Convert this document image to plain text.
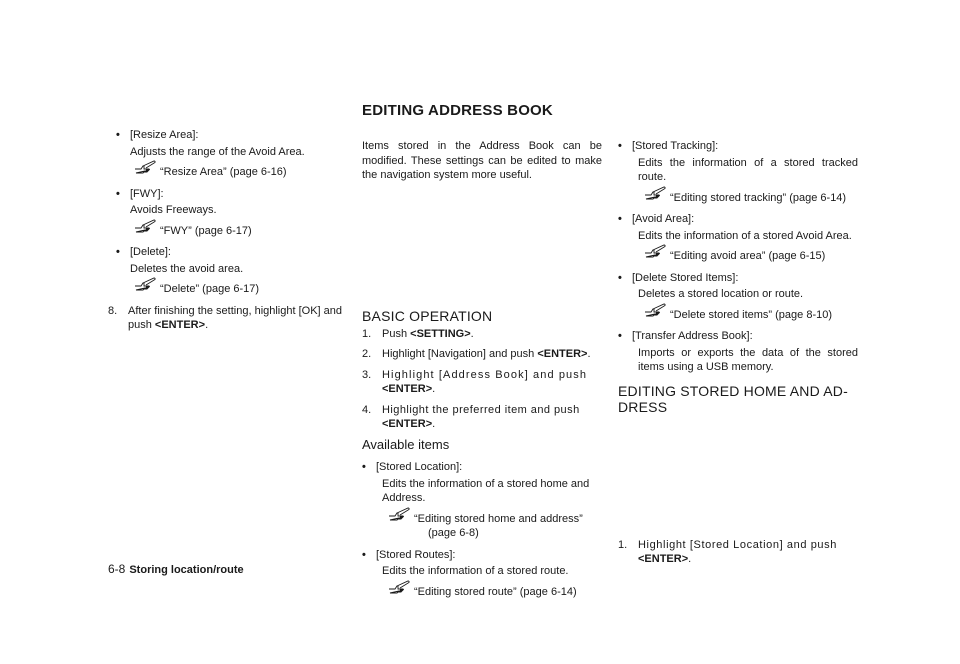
EDITING ADDRESS BOOK
• [Resize Area]:
Adjusts the range of the Avoid Area.
“Resize Area” (page 6-16)
• [FWY]:
Avoids Freeways.
“FWY” (page 6-17)
• [Delete]:
Deletes the avoid area.
“Delete” (page 6-17)
8. After finishing the setting, highlight [OK] and
push <ENTER>.
Items stored in the Address Book can be modified. These settings can be edited to make the navigation system more useful.
BASIC OPERATION
1. Push <SETTING>.
2. Highlight [Navigation] and push <ENTER>.
3. Highlight [Address Book] and push
<ENTER>.
4. Highlight the preferred item and push
<ENTER>.
Available items
• [Stored Location]:
Edits the information of a stored home and Address.
“Editing stored home and address”
(page 6-8)
• [Stored Routes]:
Edits the information of a stored route.
“Editing stored route” (page 6-14)
• [Stored Tracking]:
Edits the information of a stored tracked route.
“Editing stored tracking” (page 6-14)
• [Avoid Area]:
Edits the information of a stored Avoid Area.
“Editing avoid area” (page 6-15)
• [Delete Stored Items]:
Deletes a stored location or route.
“Delete stored items” (page 8-10)
• [Transfer Address Book]:
Imports or exports the data of the stored items using a USB memory.
EDITING STORED HOME AND AD-
DRESS
1. Highlight [Stored Location] and push
<ENTER>.
6-8 Storing location/route
